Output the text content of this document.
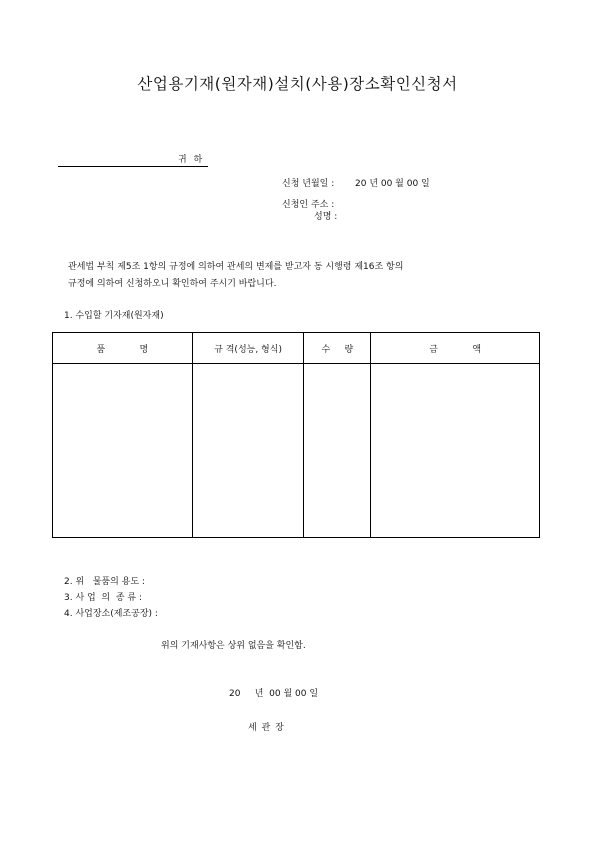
산업용기재(원자재)설치(사용)장소확인신청서
귀 하
신청 년월일 : 20 년 00 월 00 일
신청인 주소 :
성명 :
관세법 부칙 제5조 1항의 규정에 의하여 관세의 변제를 받고자 동 시행령 제16조 항의
규정에 의하여 신청하오니 확인하여 주시기 바랍니다.
1. 수입할 기자재(원자재)
품            명	규 격(성능, 형식)	수     량	금            액

2. 위   물품의 용도 :
3. 사 업  의  종 류 :
4. 사업장소(제조공장) :
위의 기재사항은 상위 없음을 확인함.
20     년  00 월 00 일
세 관 장
